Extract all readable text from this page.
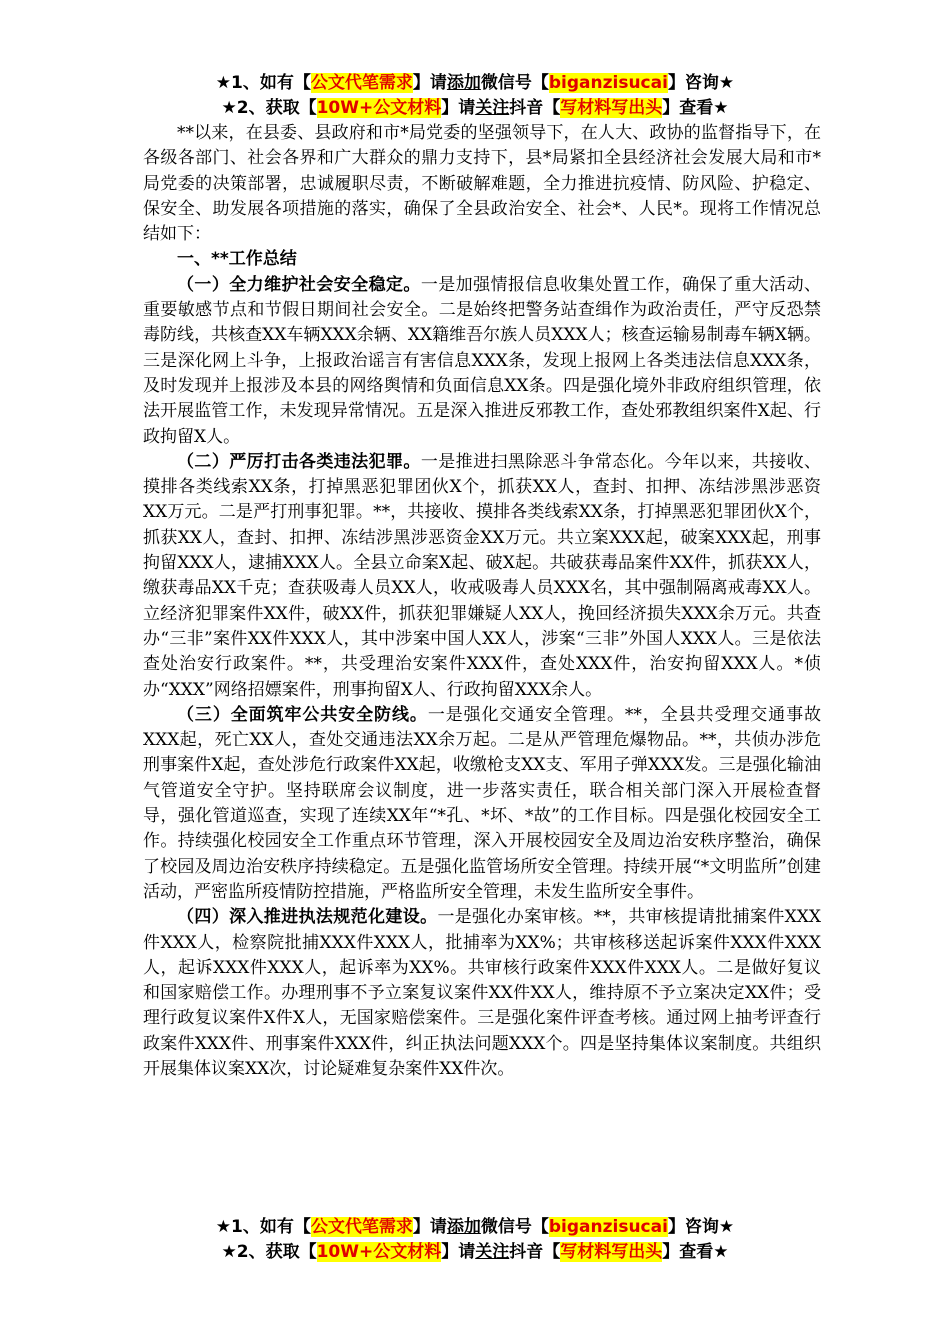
★1、如有【公文代笔需求】请添加微信号【biganzisucai】咨询★
★2、获取【10W+公文材料】请关注抖音【写材料写出头】查看★

**以来，在县委、县政府和市*局党委的坚强领导下，在人大、政协的监督指导下，在各级各部门、社会各界和广大群众的鼎力支持下，县*局紧扣全县经济社会发展大局和市*局党委的决策部署，忠诚履职尽责，不断破解难题，全力推进抗疫情、防风险、护稳定、保安全、助发展各项措施的落实，确保了全县政治安全、社会*、人民*。现将工作情况总结如下：

一、**工作总结

（一）全力维护社会安全稳定。一是加强情报信息收集处置工作，确保了重大活动、重要敏感节点和节假日期间社会安全。二是始终把警务站查缉作为政治责任，严守反恐禁毒防线，共核查XX车辆XXX余辆、XX籍维吾尔族人员XXX人；核查运输易制毒车辆X辆。三是深化网上斗争，上报政治谣言有害信息XXX条，发现上报网上各类违法信息XXX条，及时发现并上报涉及本县的网络舆情和负面信息XX条。四是强化境外非政府组织管理，依法开展监管工作，未发现异常情况。五是深入推进反邪教工作，查处邪教组织案件X起、行政拘留X人。

（二）严厉打击各类违法犯罪。一是推进扫黑除恶斗争常态化。今年以来，共接收、摸排各类线索XX条，打掉黑恶犯罪团伙X个，抓获XX人，查封、扣押、冻结涉黑涉恶资XX万元。二是严打刑事犯罪。**，共接收、摸排各类线索XX条，打掉黑恶犯罪团伙X个，抓获XX人，查封、扣押、冻结涉黑涉恶资金XX万元。共立案XXX起，破案XXX起，刑事拘留XXX人，逮捕XXX人。全县立命案X起、破X起。共破获毒品案件XX件，抓获XX人，缴获毒品XX千克；查获吸毒人员XX人，收戒吸毒人员XXX名，其中强制隔离戒毒XX人。立经济犯罪案件XX件，破XX件，抓获犯罪嫌疑人XX人，挽回经济损失XXX余万元。共查办“三非”案件XX件XXX人，其中涉案中国人XX人，涉案“三非”外国人XXX人。三是依法查处治安行政案件。**，共受理治安案件XXX件，查处XXX件，治安拘留XXX人。*侦办“XXX”网络招嫖案件，刑事拘留X人、行政拘留XXX余人。

（三）全面筑牢公共安全防线。一是强化交通安全管理。**，全县共受理交通事故XXX起，死亡XX人，查处交通违法XX余万起。二是从严管理危爆物品。**，共侦办涉危刑事案件X起，查处涉危行政案件XX起，收缴枪支XX支、军用子弹XXX发。三是强化输油气管道安全守护。坚持联席会议制度，进一步落实责任，联合相关部门深入开展检查督导，强化管道巡查，实现了连续XX年“*孔、*坏、*故”的工作目标。四是强化校园安全工作。持续强化校园安全工作重点环节管理，深入开展校园安全及周边治安秩序整治，确保了校园及周边治安秩序持续稳定。五是强化监管场所安全管理。持续开展“*文明监所”创建活动，严密监所疫情防控措施，严格监所安全管理，未发生监所安全事件。

（四）深入推进执法规范化建设。一是强化办案审核。**，共审核提请批捕案件XXX件XXX人，检察院批捕XXX件XXX人，批捕率为XX%；共审核移送起诉案件XXX件XXX人，起诉XXX件XXX人，起诉率为XX%。共审核行政案件XXX件XXX人。二是做好复议和国家赔偿工作。办理刑事不予立案复议案件XX件XX人，维持原不予立案决定XX件；受理行政复议案件X件X人，无国家赔偿案件。三是强化案件评查考核。通过网上抽考评查行政案件XXX件、刑事案件XXX件，纠正执法问题XXX个。四是坚持集体议案制度。共组织开展集体议案XX次，讨论疑难复杂案件XX件次。

★1、如有【公文代笔需求】请添加微信号【biganzisucai】咨询★
★2、获取【10W+公文材料】请关注抖音【写材料写出头】查看★
